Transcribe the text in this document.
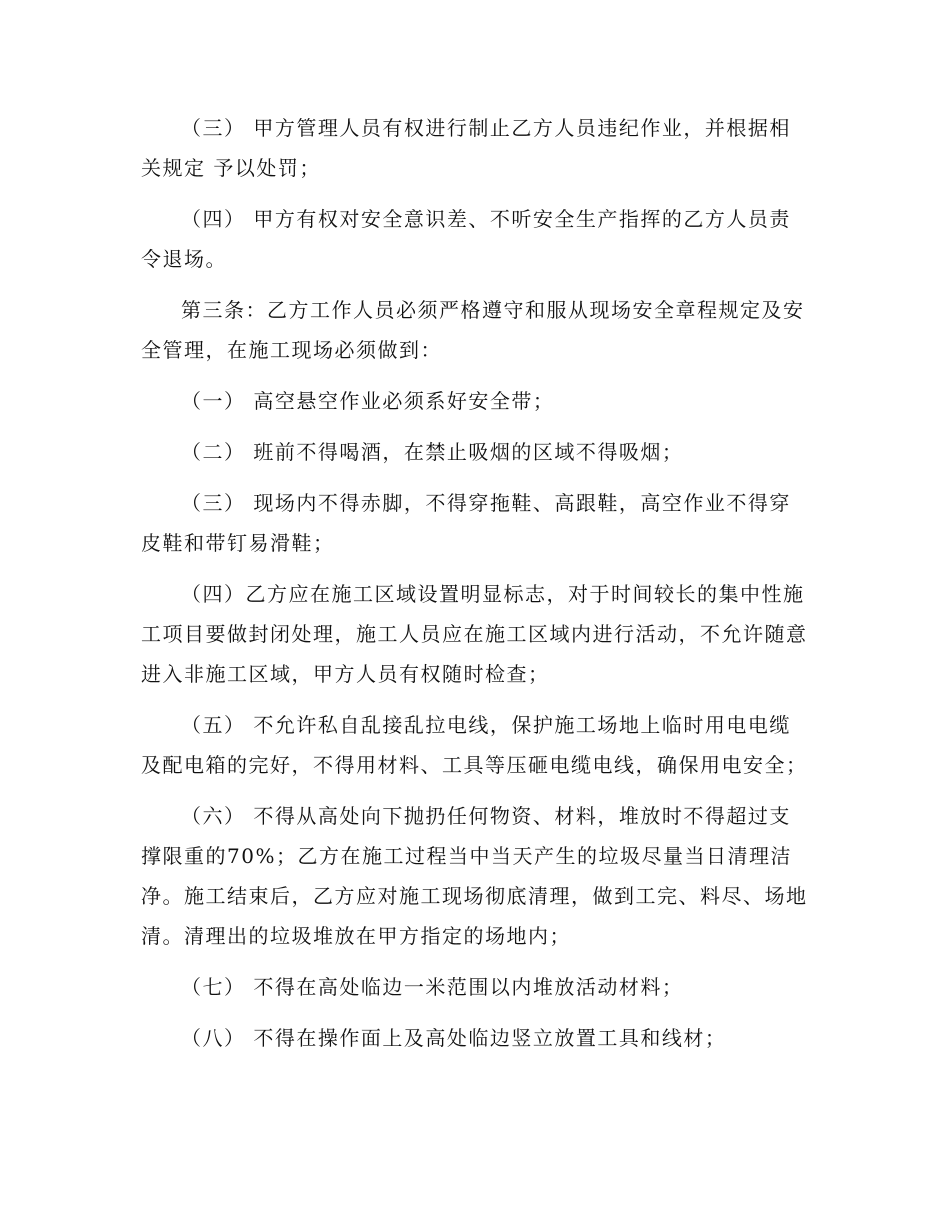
（三） 甲方管理人员有权进行制止乙方人员违纪作业，并根据相关规定 予以处罚；

（四） 甲方有权对安全意识差、不听安全生产指挥的乙方人员责令退场。

第三条：乙方工作人员必须严格遵守和服从现场安全章程规定及安全管理，在施工现场必须做到：

（一） 高空悬空作业必须系好安全带；

（二） 班前不得喝酒，在禁止吸烟的区域不得吸烟；

（三） 现场内不得赤脚，不得穿拖鞋、高跟鞋，高空作业不得穿皮鞋和带钉易滑鞋；

（四）乙方应在施工区域设置明显标志，对于时间较长的集中性施工项目要做封闭处理，施工人员应在施工区域内进行活动，不允许随意进入非施工区域，甲方人员有权随时检查；

（五） 不允许私自乱接乱拉电线，保护施工场地上临时用电电缆及配电箱的完好，不得用材料、工具等压砸电缆电线，确保用电安全；

（六） 不得从高处向下抛扔任何物资、材料，堆放时不得超过支撑限重的70%；乙方在施工过程当中当天产生的垃圾尽量当日清理洁净。施工结束后，乙方应对施工现场彻底清理，做到工完、料尽、场地清。清理出的垃圾堆放在甲方指定的场地内；

（七） 不得在高处临边一米范围以内堆放活动材料；

（八） 不得在操作面上及高处临边竖立放置工具和线材；
